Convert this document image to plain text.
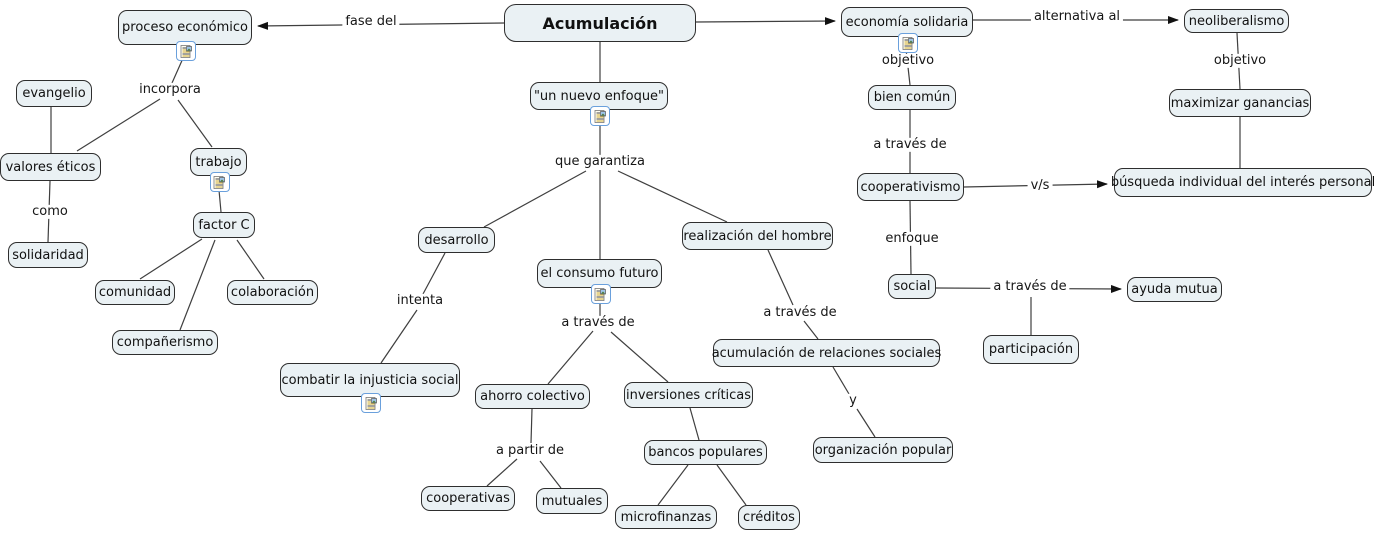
Acumulación
proceso económico
evangelio
valores éticos
solidaridad
trabajo
factor C
comunidad	colaboración
compañerismo
"un nuevo enfoque"
desarrollo
el consumo futuro
realización del hombre
combatir la injusticia social
ahorro colectivo	inversiones críticas
cooperativas mutuales
bancos populares
microfinanzas créditos
acumulación de relaciones sociales
organización popular
economía solidaria
bien común
cooperativismo
social	ayuda mutua
participación
neoliberalismo
maximizar ganancias
búsqueda individual del interés personal
fase del
incorpora
como
que garantiza
intenta
a través de
a partir de
a través de
y
objetivo
alternativa al
a través de
v/s
enfoque
a través de
objetivo
